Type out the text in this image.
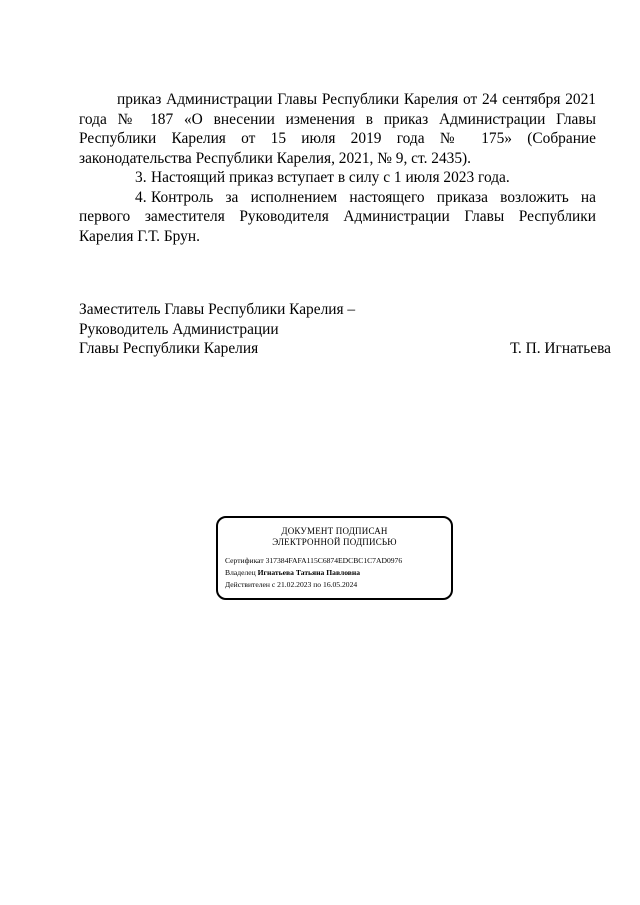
приказ Администрации Главы Республики Карелия от 24 сентября 2021 года № 187 «О внесении изменения в приказ Администрации Главы Республики Карелия от 15 июля 2019 года № 175» (Собрание законодательства Республики Карелия, 2021, № 9, ст. 2435).

3. Настоящий приказ вступает в силу с 1 июля 2023 года.

4. Контроль за исполнением настоящего приказа возложить на первого заместителя Руководителя Администрации Главы Республики Карелия Г.Т. Брун.

Заместитель Главы Республики Карелия –

Руководитель Администрации

Главы Республики Карелия	Т. П. Игнатьева
ДОКУМЕНТ ПОДПИСАН
ЭЛЕКТРОННОЙ ПОДПИСЬЮ
Сертификат 317384FAFA115C6874EDCBC1C7AD0976
Владелец Игнатьева Татьяна Павловна
Действителен с 21.02.2023 по 16.05.2024
